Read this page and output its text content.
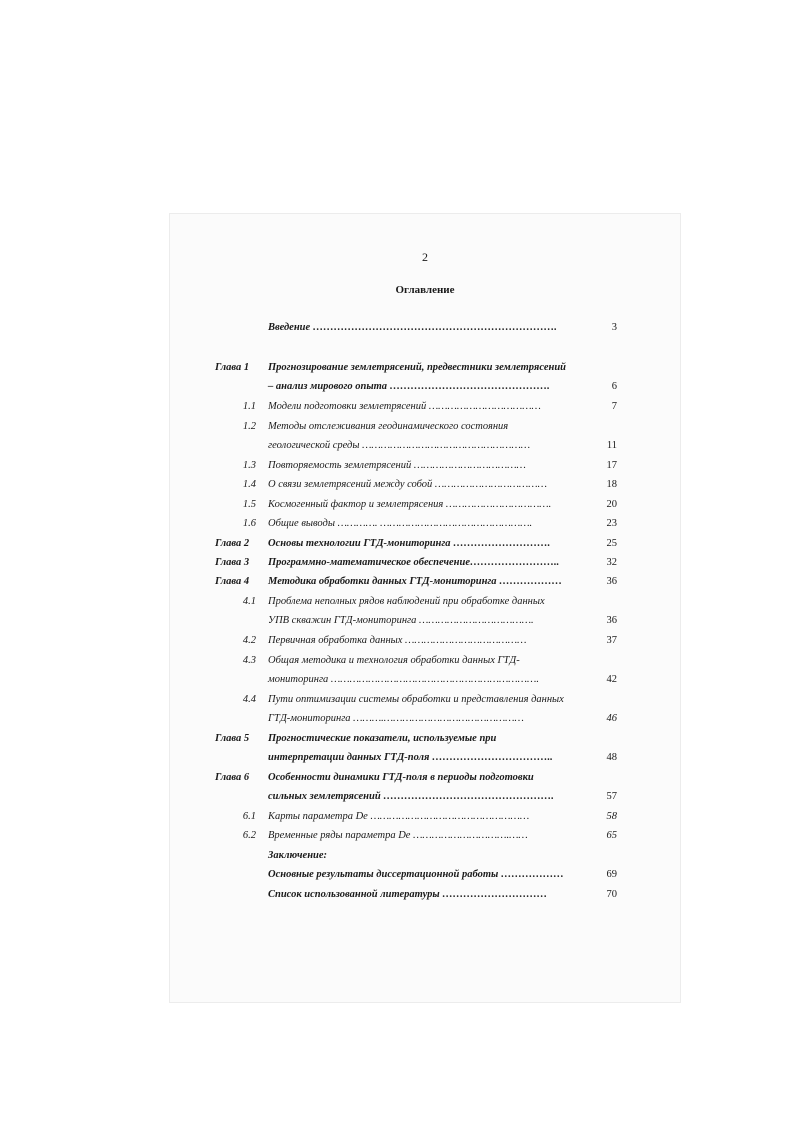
2
Оглавление
Введение …………………………………………………………….	3
Глава 1	Прогнозирование землетрясений, предвестники землетрясений
– анализ мирового опыта ……………………………………….	6
1.1 Модели подготовки землетрясений ………………………………	7
1.2 Методы отслеживания геодинамического состояния
геологической среды ………………………………………………	11
1.3 Повторяемость землетрясений ………………………………	17
1.4 О связи землетрясений между собой ………………………………	18
1.5 Космогенный фактор и землетрясения …………………………….	20
1.6 Общие выводы …………. ………………………………………….	23
Глава 2	Основы технологии ГТД-мониторинга ……………………….	25
Глава 3	Программно-математическое обеспечение……………………..	32
Глава 4	Методика обработки данных ГТД-мониторинга ………………	36
4.1 Проблема неполных рядов наблюдений при обработке данных
УПВ скважин ГТД-мониторинга ……………………………….	36
4.2 Первичная обработка данных …………………………………	37
4.3 Общая методика и технология обработки данных ГТД-
мониторинга ………………………………………………………….	42
4.4 Пути оптимизации системы обработки и представления данных
ГТД-мониторинга ……….………………………………………	46
Глава 5	Прогностические показатели, используемые при
интерпретации данных ГТД-поля ……………………………..	48
Глава 6	Особенности динамики ГТД-поля в периоды подготовки
сильных землетрясений ………………………………………….	57
6.1 Карты параметра Dе ……………………………………………	58
6.2 Временные ряды параметра Dе ………………………….……	65
Заключение:
Основные результаты диссертационной работы ………………	69
Список использованной литературы …………………………	70
